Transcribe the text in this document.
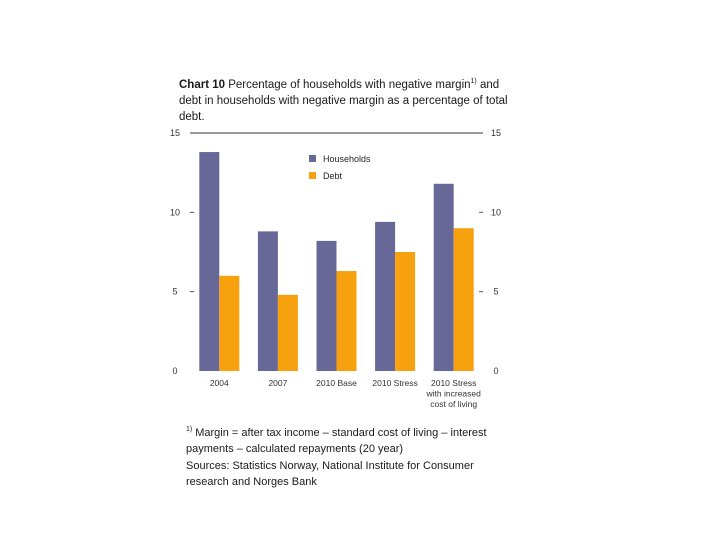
Chart 10 Percentage of households with negative margin$^{1)}$ and debt in households with negative margin as a percentage of total debt.
0	0
5	5
10	10
15	15
2004	2007	2010 Base 2010 Stress 2010 Stress
with increased
cost of living
Households
Debt
$^{1)}$ Margin = after tax income – standard cost of living – interest payments – calculated repayments (20 year)
Sources: Statistics Norway, National Institute for Consumer research and Norges Bank
